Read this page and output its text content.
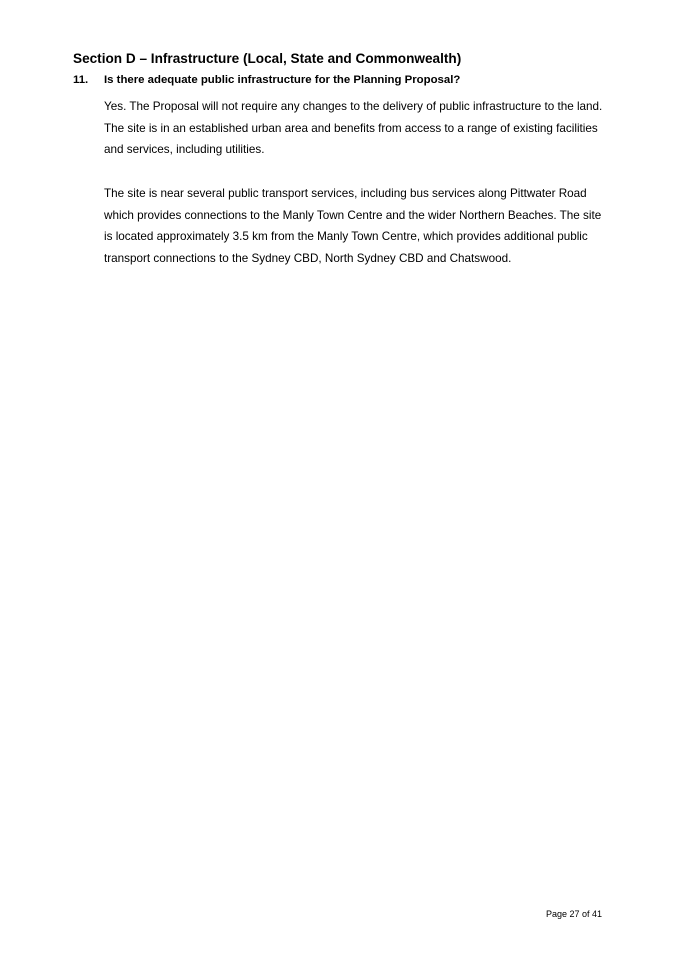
Section D – Infrastructure (Local, State and Commonwealth)
11. Is there adequate public infrastructure for the Planning Proposal?

Yes. The Proposal will not require any changes to the delivery of public infrastructure to the land. The site is in an established urban area and benefits from access to a range of existing facilities and services, including utilities.

The site is near several public transport services, including bus services along Pittwater Road which provides connections to the Manly Town Centre and the wider Northern Beaches. The site is located approximately 3.5 km from the Manly Town Centre, which provides additional public transport connections to the Sydney CBD, North Sydney CBD and Chatswood.

Page 27 of 41
